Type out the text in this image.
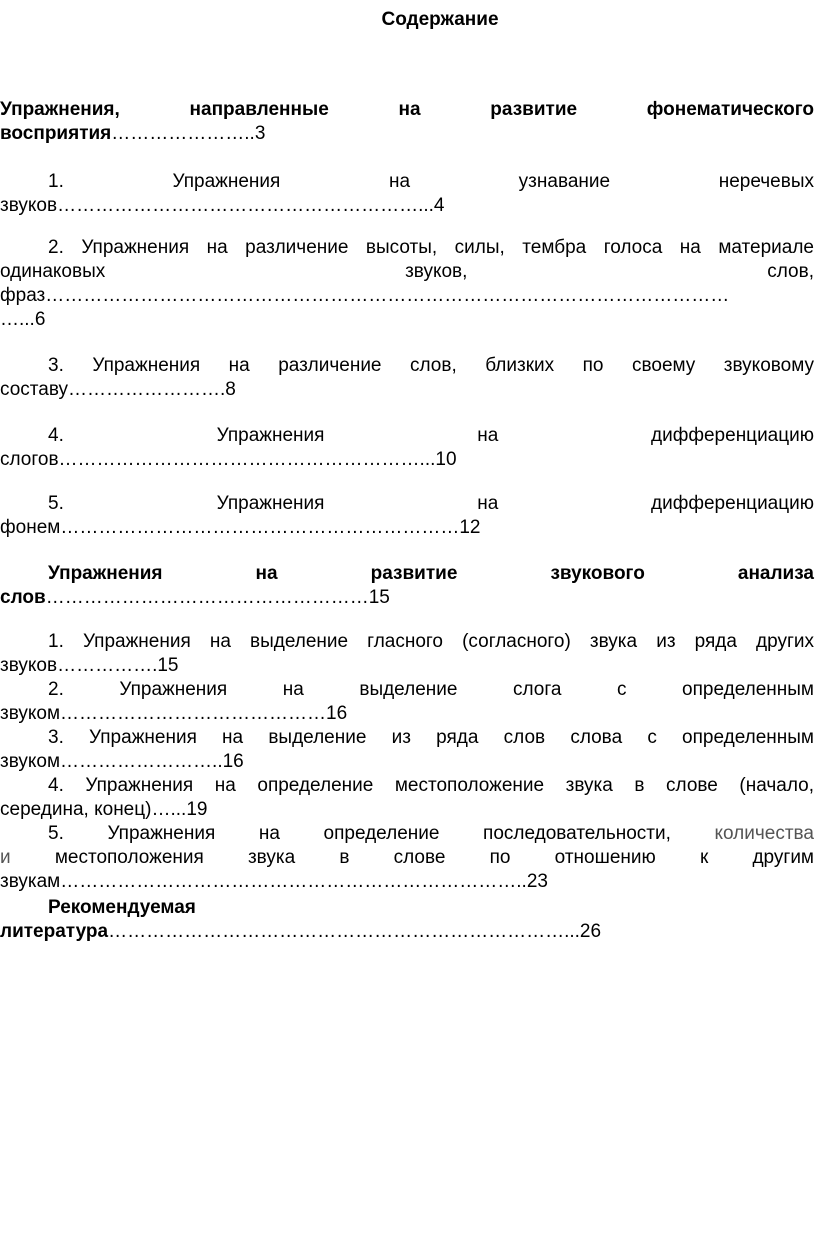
Содержание
Упражнения, направленные на развитие фонематического
восприятия…………………..3
1. Упражнения на узнавание неречевых
звуков…………………………………………………...4
2. Упражнения на различение высоты, силы, тембра голоса на материале
одинаковых звуков, слов,
фраз………………………………………………………………………………………………
…...6
3. Упражнения на различение слов, близких по своему звуковому
составу…………………….8
4. Упражнения на дифференциацию
слогов…………………………………………………...10
5. Упражнения на дифференциацию
фонем………………………………………………………12
Упражнения на развитие звукового анализа
слов……………………………………………15
1. Упражнения на выделение гласного (согласного) звука из ряда других
звуков…………….15
2. Упражнения на выделение слога с определенным
звуком……………………………………16
3. Упражнения на выделение из ряда слов слова с определенным
звуком……………………..16
4. Упражнения на определение местоположение звука в слове (начало,
середина, конец)…...19
5. Упражнения на определение последовательности, количества
и местоположения звука в слове по отношению к другим
звукам………………………………………………………………..23
Рекомендуемая
литература………………………………………………………………...26
